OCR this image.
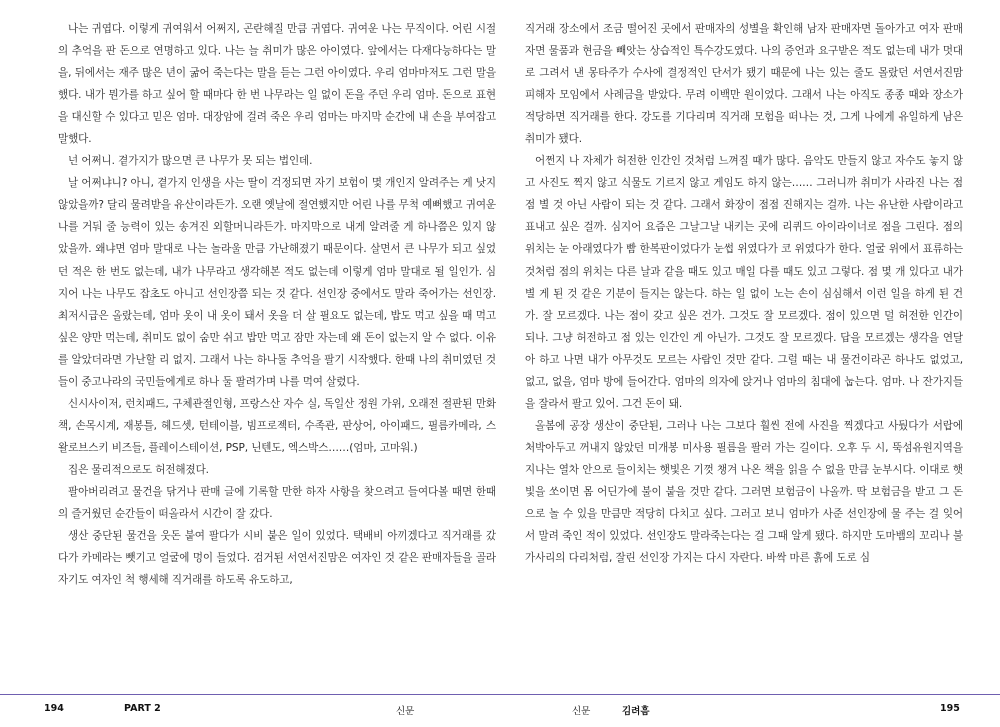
나는 귀엽다. 이렇게 귀여워서 어쩌지, 곤란해질 만큼 귀엽다. 귀여운 나는 무직이다. 어린 시절의 추억을 판 돈으로 연명하고 있다. 나는 늘 취미가 많은 아이였다. 앞에서는 다재다능하다는 말을, 뒤에서는 재주 많은 년이 굶어 죽는다는 말을 듣는 그런 아이였다. 우리 엄마마저도 그런 말을 했다. 내가 뭔가를 하고 싶어 할 때마다 한 번 나무라는 일 없이 돈을 주던 우리 엄마. 돈으로 표현을 대신할 수 있다고 믿은 엄마. 대장암에 걸려 죽은 우리 엄마는 마지막 순간에 내 손을 부여잡고 말했다.

넌 어쩌니. 곁가지가 많으면 큰 나무가 못 되는 법인데.

날 어쩌냐니? 아니, 곁가지 인생을 사는 딸이 걱정되면 자기 보험이 몇 개인지 알려주는 게 낫지 않았을까? 달리 물려받을 유산이라든가. 오랜 옛날에 절연했지만 어린 나를 무척 예뻐했고 귀여운 나를 거둬 줄 능력이 있는 송겨진 외할머니라든가. 마지막으로 내게 알려줄 게 하나쯤은 있지 않았을까. 왜냐면 엄마 말대로 나는 놀라울 만큼 가난해졌기 때문이다. 살면서 큰 나무가 되고 싶었던 적은 한 번도 없는데, 내가 나무라고 생각해본 적도 없는데 이렇게 엄마 말대로 될 일인가. 심지어 나는 나무도 잡초도 아니고 선인장쯤 되는 것 같다. 선인장 중에서도 말라 죽어가는 선인장. 최저시급은 올랐는데, 엄마 옷이 내 옷이 돼서 옷을 더 살 필요도 없는데, 밥도 먹고 싶을 때 먹고 싶은 양만 먹는데, 취미도 없이 숨만 쉬고 밥만 먹고 잠만 자는데 왜 돈이 없는지 알 수 없다. 이유를 알았더라면 가난할 리 없지. 그래서 나는 하나둘 추억을 팔기 시작했다. 한때 나의 취미였던 것들이 중고나라의 국민들에게로 하나 둘 팔려가며 나를 먹여 살렸다.

신시사이저, 런치패드, 구체관절인형, 프랑스산 자수 실, 독일산 정원 가위, 오래전 절판된 만화책, 손목시계, 재봉틀, 헤드셋, 턴테이블, 빔프로젝터, 수족관, 판상어, 아이패드, 필름카메라, 스왈로브스키 비즈들, 플레이스테이션, PSP, 닌텐도, 엑스박스……(엄마, 고마워.)

집은 물리적으로도 허전해졌다.

팔아버리려고 물건을 닦거나 판매 글에 기록할 만한 하자 사항을 찾으려고 들여다볼 때면 한때의 즐거웠던 순간들이 떠올라서 시간이 잘 갔다.

생산 중단된 물건을 웃돈 붙여 팔다가 시비 붙은 일이 있었다. 택배비 아끼겠다고 직거래를 갔다가 카메라는 뺏기고 얼굴에 멍이 들었다. 검거된 서연서진맘은 여자인 것 같은 판매자들을 골라 자기도 여자인 척 행세해 직거래를 하도록 유도하고,

직거래 장소에서 조금 떨어진 곳에서 판매자의 성별을 확인해 남자 판매자면 돌아가고 여자 판매자면 물품과 현금을 빼앗는 상습적인 특수강도였다. 나의 증언과 요구받은 적도 없는데 내가 멋대로 그려서 낸 몽타주가 수사에 결정적인 단서가 됐기 때문에 나는 있는 줄도 몰랐던 서연서진맘 피해자 모임에서 사례금을 받았다. 무려 이백만 원이었다. 그래서 나는 아직도 종종 때와 장소가 적당하면 직거래를 한다. 강도를 기다리며 직거래 모험을 떠나는 것, 그게 나에게 유일하게 남은 취미가 됐다.

어쩐지 나 자체가 허전한 인간인 것처럼 느껴질 때가 많다. 음악도 만들지 않고 자수도 놓지 않고 사진도 찍지 않고 식물도 기르지 않고 게임도 하지 않는…… 그러니까 취미가 사라진 나는 점점 별 것 아닌 사람이 되는 것 같다. 그래서 화장이 점점 진해지는 걸까. 나는 유난한 사람이라고 표내고 싶은 걸까. 심지어 요즘은 그날그날 내키는 곳에 리퀴드 아이라이너로 점을 그린다. 점의 위치는 눈 아래였다가 빰 한복판이었다가 눈썹 위였다가 코 위였다가 한다. 얼굴 위에서 표류하는 것처럼 점의 위치는 다른 날과 같을 때도 있고 매일 다를 때도 있고 그렇다. 점 몇 개 있다고 내가 별 게 된 것 같은 기분이 들지는 않는다. 하는 일 없이 노는 손이 심심해서 이런 일을 하게 된 건가. 잘 모르겠다. 나는 점이 갖고 싶은 건가. 그것도 잘 모르겠다. 점이 있으면 덜 허전한 인간이 되나. 그냥 허전하고 점 있는 인간인 게 아닌가. 그것도 잘 모르겠다. 답을 모르겠는 생각을 연달아 하고 나면 내가 아무것도 모르는 사람인 것만 같다. 그럴 때는 내 물건이라곤 하나도 없었고, 없고, 없을, 엄마 방에 들어간다. 엄마의 의자에 앉거나 엄마의 침대에 눕는다. 엄마. 나 잔가지들을 잘라서 팔고 있어. 그건 돈이 돼.

올봄에 공장 생산이 중단된, 그러나 나는 그보다 훨씬 전에 사진을 찍겠다고 사뒀다가 서랍에 처박아두고 꺼내지 않았던 미개봉 미사용 필름을 팔러 가는 길이다. 오후 두 시, 뚝섬유원지역을 지나는 열차 안으로 들이치는 햇빛은 기껏 챙겨 나온 책을 읽을 수 없을 만큼 눈부시다. 이대로 햇빛을 쏘이면 몸 어딘가에 불이 붙을 것만 같다. 그러면 보험금이 나올까. 딱 보험금을 받고 그 돈으로 놀 수 있을 만큼만 적당히 다치고 싶다. 그러고 보니 엄마가 사준 선인장에 물 주는 걸 잊어서 말려 죽인 적이 있었다. 선인장도 말라죽는다는 걸 그때 알게 됐다. 하지만 도마뱀의 꼬리나 불가사리의 다리처럼, 잘린 선인장 가지는 다시 자란다. 바싹 마른 흙에 도로 심

194	PART 2	신문	신문	김려흠	195
